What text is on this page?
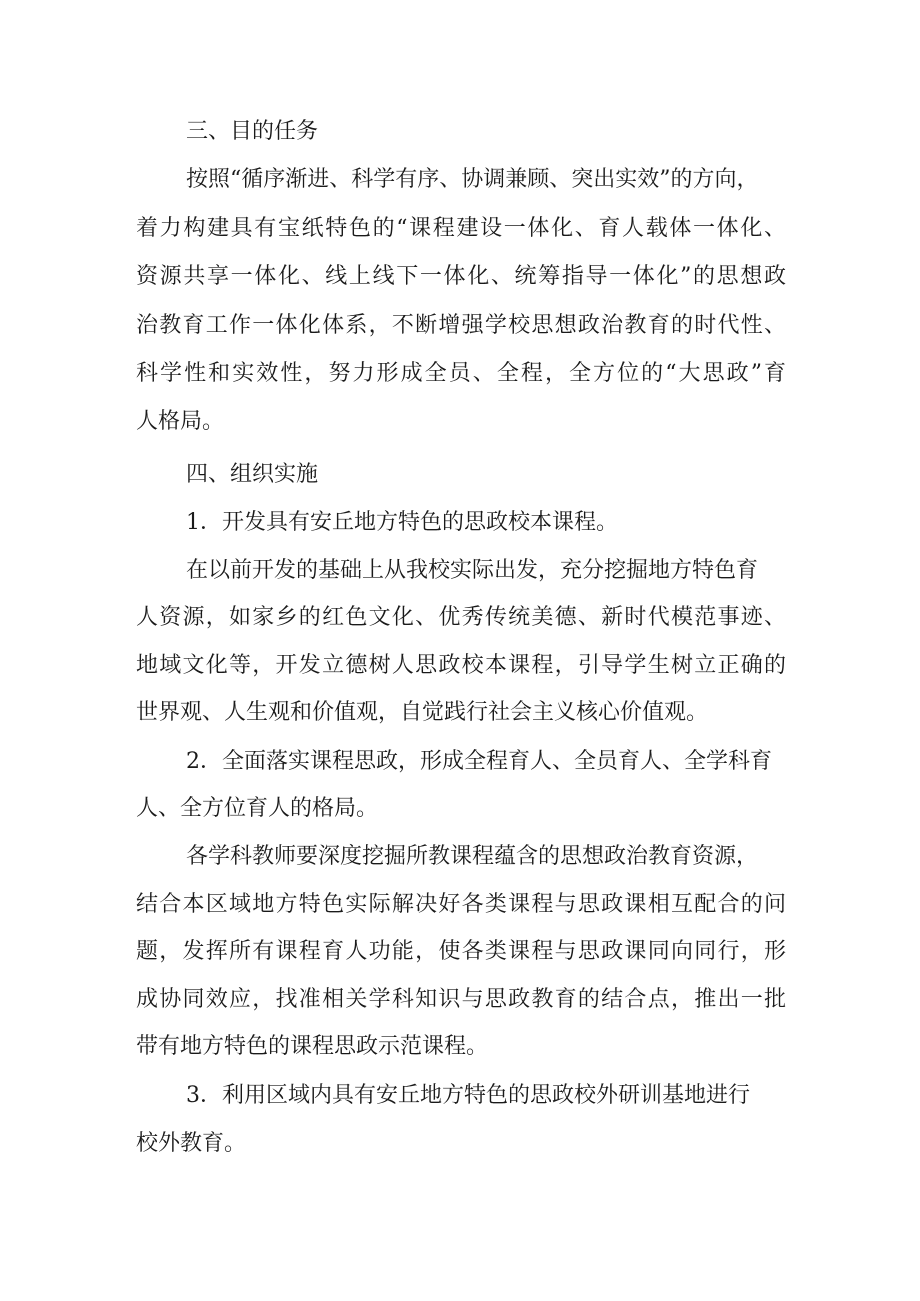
三、目的任务
按照“循序渐进、科学有序、协调兼顾、突出实效”的方向，
着力构建具有宝纸特色的“课程建设一体化、育人载体一体化、
资源共享一体化、线上线下一体化、统筹指导一体化”的思想政
治教育工作一体化体系，不断增强学校思想政治教育的时代性、
科学性和实效性，努力形成全员、全程，全方位的“大思政”育
人格局。
四、组织实施
1．开发具有安丘地方特色的思政校本课程。
在以前开发的基础上从我校实际出发，充分挖掘地方特色育
人资源，如家乡的红色文化、优秀传统美德、新时代模范事迹、
地域文化等，开发立德树人思政校本课程，引导学生树立正确的
世界观、人生观和价值观，自觉践行社会主义核心价值观。
2．全面落实课程思政，形成全程育人、全员育人、全学科育
人、全方位育人的格局。
各学科教师要深度挖掘所教课程蕴含的思想政治教育资源，
结合本区域地方特色实际解决好各类课程与思政课相互配合的问
题，发挥所有课程育人功能，使各类课程与思政课同向同行，形
成协同效应，找准相关学科知识与思政教育的结合点，推出一批
带有地方特色的课程思政示范课程。
3．利用区域内具有安丘地方特色的思政校外研训基地进行
校外教育。
